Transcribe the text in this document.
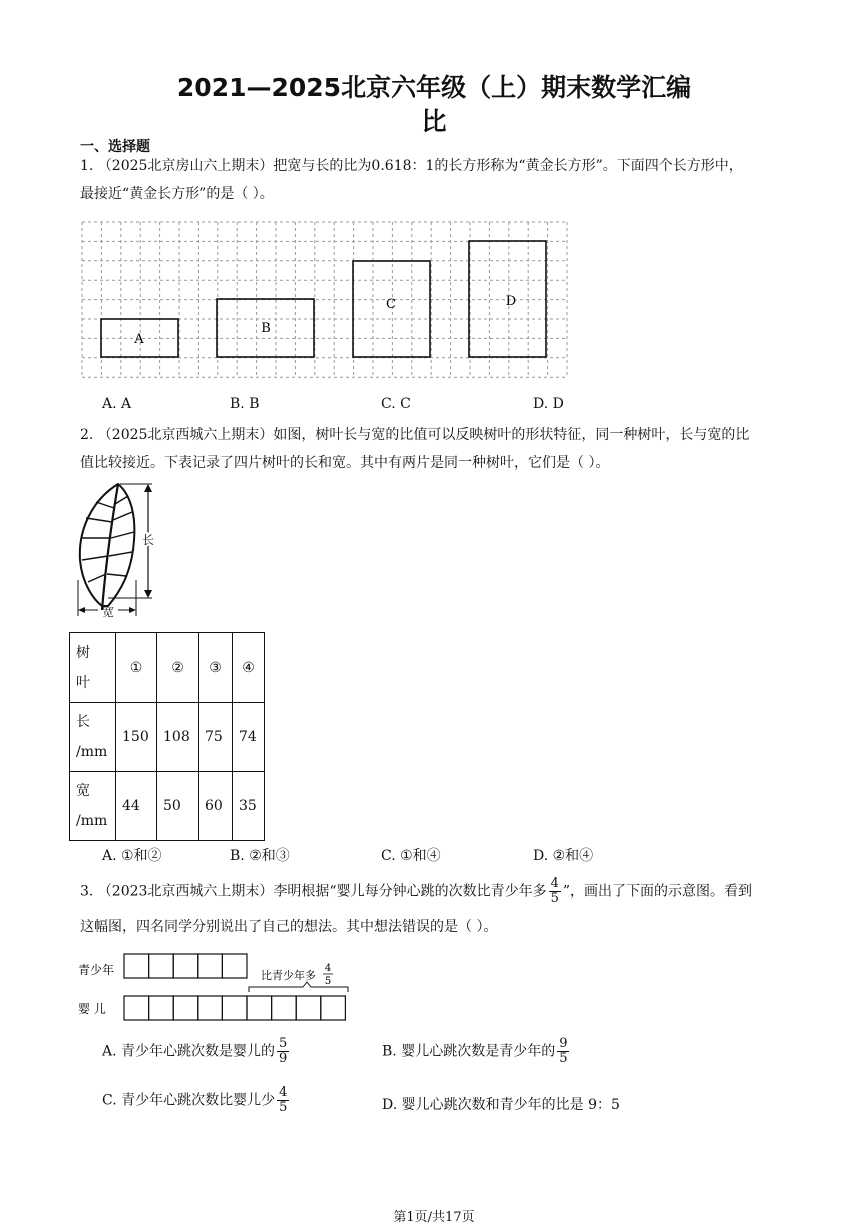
2021—2025北京六年级（上）期末数学汇编
比
一、选择题
1. （2025北京房山六上期末）把宽与长的比为0.618：1的长方形称为“黄金长方形”。下面四个长方形中，
最接近“黄金长方形”的是（ ）。
A
B
C	D
A. A	B. B	C. C	D. D
2. （2025北京西城六上期末）如图，树叶长与宽的比值可以反映树叶的形状特征，同一种树叶，长与宽的比
值比较接近。下表记录了四片树叶的长和宽。其中有两片是同一种树叶，它们是（ ）。
长
宽
树
叶	①	②	③	④
长
/mm	150	108	75	74
宽
/mm	44	50	60	35
A. ①和②	B. ②和③	C. ①和④	D. ②和④
3. （2023北京西城六上期末）李明根据“婴儿每分钟心跳的次数比青少年多 $\frac{4}{5}$ ”，画出了下面的示意图。看到
这幅图，四名同学分别说出了自己的想法。其中想法错误的是（ ）。
青少年
婴 儿
比青少年多
4
5
A. 青少年心跳次数是婴儿的 $\frac{5}{9}$	B. 婴儿心跳次数是青少年的 $\frac{9}{5}$
C. 青少年心跳次数比婴儿少 $\frac{4}{5}$	D. 婴儿心跳次数和青少年的比是 9：5
第1页/共17页
